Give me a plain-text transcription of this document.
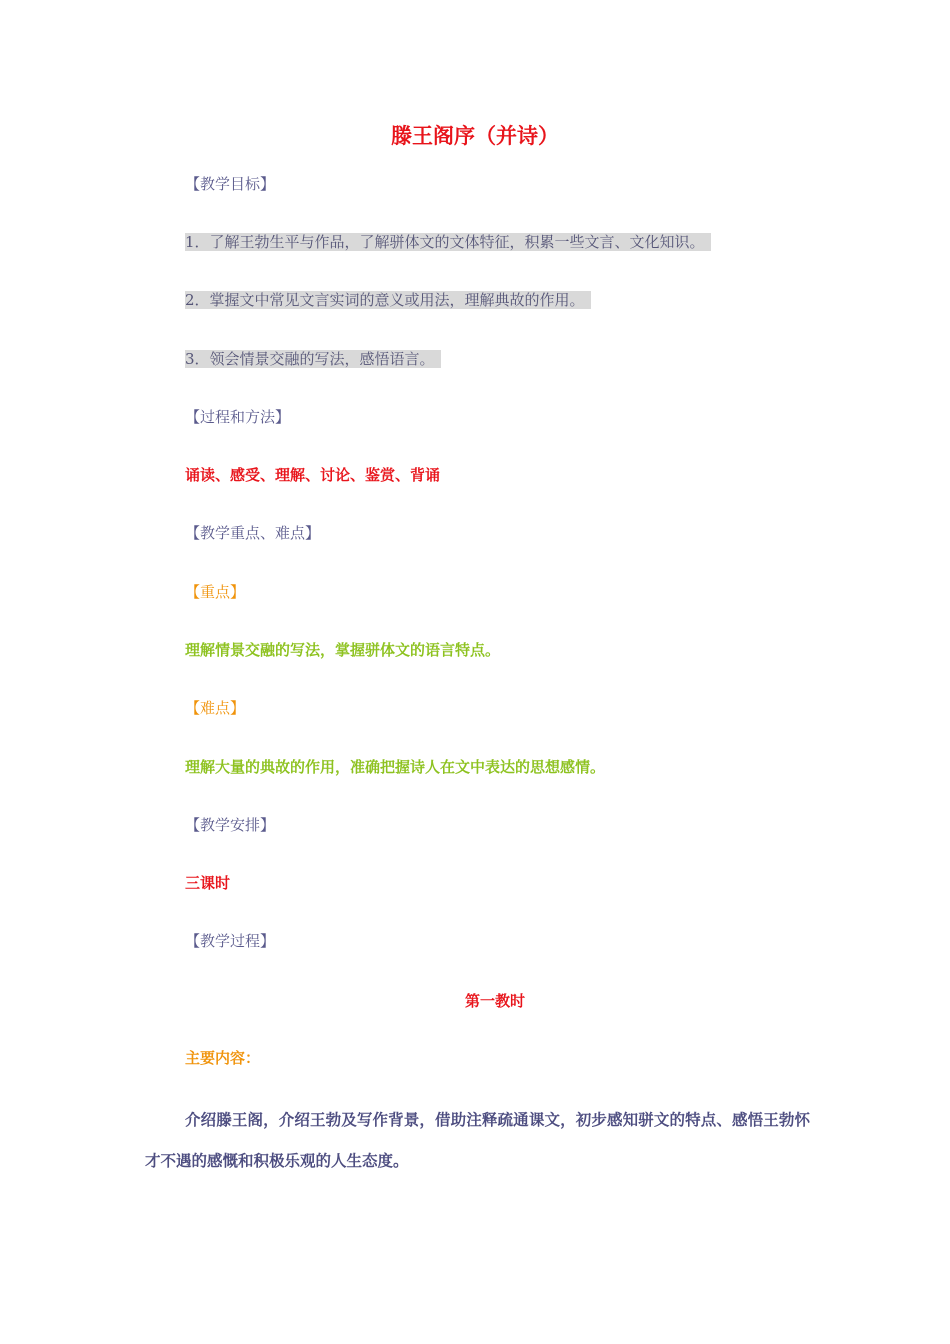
滕王阁序（并诗）
【教学目标】
1．了解王勃生平与作品，了解骈体文的文体特征，积累一些文言、文化知识。
2．掌握文中常见文言实词的意义或用法，理解典故的作用。
3．领会情景交融的写法，感悟语言。
【过程和方法】
诵读、感受、理解、讨论、鉴赏、背诵
【教学重点、难点】
【重点】
理解情景交融的写法，掌握骈体文的语言特点。
【难点】
理解大量的典故的作用，准确把握诗人在文中表达的思想感情。
【教学安排】
三课时
【教学过程】
第一教时
主要内容：
介绍滕王阁，介绍王勃及写作背景，借助注释疏通课文，初步感知骈文的特点、感悟王勃怀才不遇的感慨和积极乐观的人生态度。
